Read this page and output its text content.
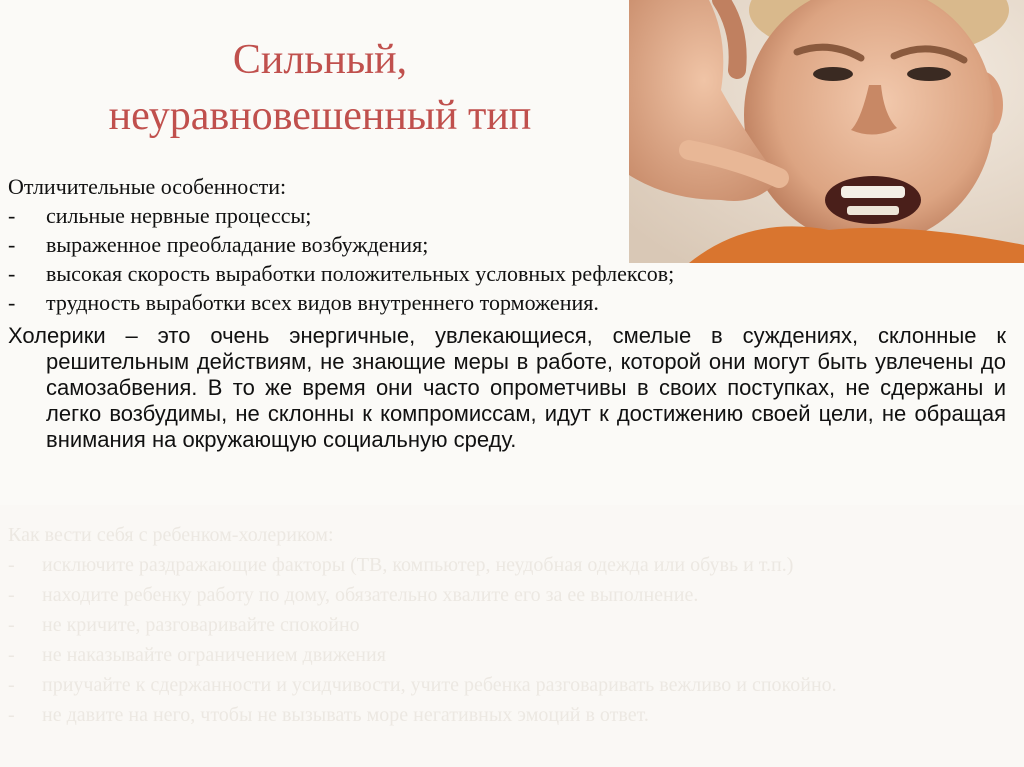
Сильный,
неуравновешенный тип

Отличительные особенности:

- сильные нервные процессы;
- выраженное преобладание возбуждения;
- высокая скорость выработки положительных условных рефлексов;
- трудность выработки всех видов внутреннего торможения.

Холерики – это очень энергичные, увлекающиеся, смелые в суждениях, склонные к решительным действиям, не знающие меры в работе, которой они могут быть увлечены до самозабвения. В то же время они часто опрометчивы в своих поступках, не сдержаны и легко возбудимы, не склонны к компромиссам, идут к достижению своей цели, не обращая внимания на окружающую социальную среду.

Как вести себя с ребенком-холериком:

- исключите раздражающие факторы (ТВ, компьютер, неудобная одежда или обувь и т.п.)
- находите ребенку работу по дому, обязательно хвалите его за ее выполнение.
- не кричите, разговаривайте спокойно
- не наказывайте ограничением движения
- приучайте к сдержанности и усидчивости, учите ребенка разговаривать вежливо и спокойно.
- не давите на него, чтобы не вызывать море негативных эмоций в ответ.
